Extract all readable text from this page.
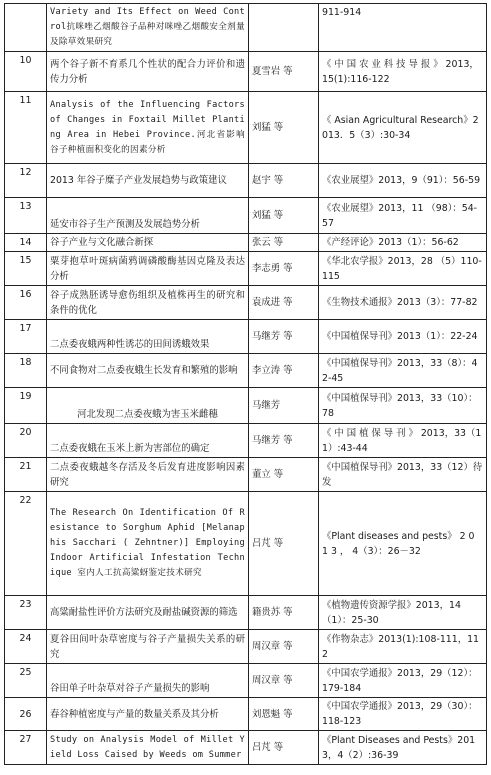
	Variety and Its Effect on Weed Control抗咪唑乙烟酸谷子品种对咪唑乙烟酸安全剂量及除草效果研究		911-914
10	两个谷子新不育系几个性状的配合力评价和遗传力分析	夏雪岩 等	《 中 国 农 业 科 技 导 报 》 2013，15(1):116-122
11	Analysis of the Influencing Factors of Changes in Foxtail Millet Planting Area in Hebei Province.河北省影响谷子种植面积变化的因素分析	刘猛 等	《 Asian Agricultural Research》2013．5（3）:30-34
12	2013 年谷子糜子产业发展趋势与政策建议	赵宇 等	《农业展望》2013，9（91）：56-59
13	延安市谷子生产预测及发展趋势分析	刘猛 等	《农业展望》2013，11 （98）：54-57
14	谷子产业与文化融合新探	张云 等	《产经评论》2013（1）：56-62
15	粟芽抱草叶斑病菌鸦调磷酸酶基因克隆及表达分析	李志勇 等	《华北农学报》2013，28 （5）110-115
16	谷子成熟胚诱导愈伤组织及植株再生的研究和条件的优化	袁成进 等	《生物技术通报》2013（3）：77-82
17	二点委夜蛾两种性诱芯的田间诱蛾效果	马继芳 等	《中国植保导刊》2013（1）：22-24
18	不同食物对二点委夜蛾生长发育和繁殖的影响	李立涛 等	《中国植保导刊》2013，33（8）：42-45
19	河北发现二点委夜蛾为害玉米雌穗	马继芳	《中国植保导刊》2013，33（10）：78
20	二点委夜蛾在玉米上新为害部位的确定	马继芳 等	《 中 国 植 保 导 刊 》 2013，33（11）:43-44
21	二点委夜蛾越冬存活及冬后发育进度影响因素研究	董立 等	《中国植保导刊》2013，33（12）待发
22	The Research On Identification Of Resistance to Sorghum Aphid [Melanaphis Sacchari ( Zehntner)] Employing Indoor Artificial Infestation Technique 室内人工抗高粱蚜鉴定技术研究	吕芃 等	《Plant diseases and pests》 2 0 1 3 ， 4（3）：26－32
23	高粱耐盐性评价方法研究及耐盐碱资源的筛选	籍贵苏 等	《植物遗传资源学报》2013，14（1）：25-30
24	夏谷田间叶杂草密度与谷子产量损失关系的研究	周汉章 等	《作物杂志》2013(1):108-111，112
25	谷田单子叶杂草对谷子产量损失的影响	周汉章 等	《中国农学通报》2013，29（12）：179-184
26	春谷种植密度与产量的数量关系及其分析	刘恩魁 等	《中国农学通报》2013，29（30）：118-123
27	Study on Analysis Model of Millet Yield Loss Caised by Weeds om Summer	吕芃 等	《Plant Diseases and Pests》2013，4（2）:36-39
